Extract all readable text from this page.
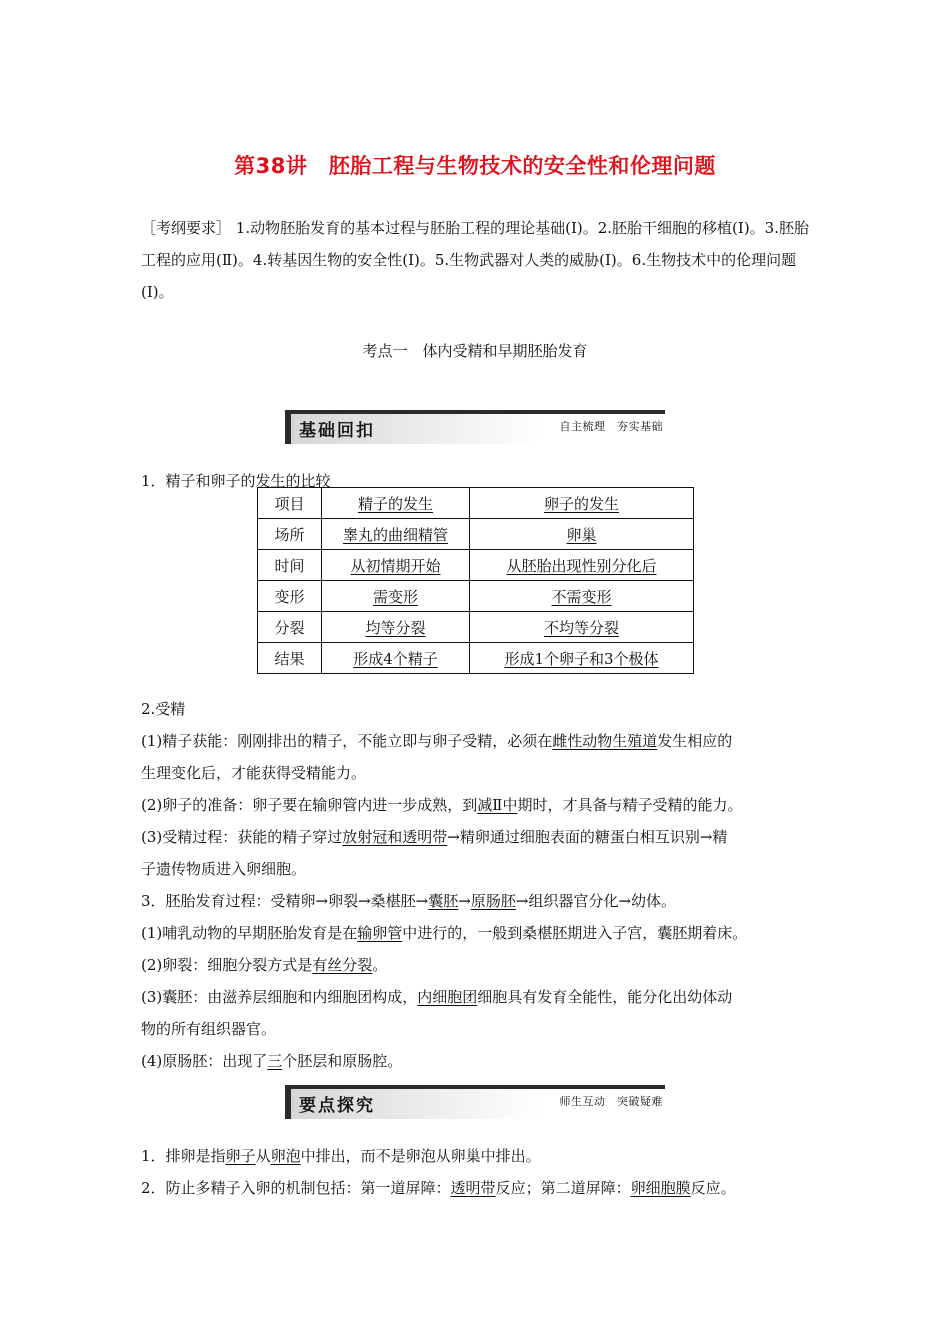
第38讲　胚胎工程与生物技术的安全性和伦理问题
［考纲要求］ 1.动物胚胎发育的基本过程与胚胎工程的理论基础(Ⅰ)。2.胚胎干细胞的移植(Ⅰ)。3.胚胎工程的应用(Ⅱ)。4.转基因生物的安全性(Ⅰ)。5.生物武器对人类的威胁(Ⅰ)。6.生物技术中的伦理问题(Ⅰ)。
考点一　体内受精和早期胚胎发育
基础回扣	自主梳理　夯实基础
1．精子和卵子的发生的比较
项目	精子的发生	卵子的发生
场所	睾丸的曲细精管	卵巢
时间	从初情期开始	从胚胎出现性别分化后
变形	需变形	不需变形
分裂	均等分裂	不均等分裂
结果	形成4个精子	形成1个卵子和3个极体
2.受精
(1)精子获能：刚刚排出的精子，不能立即与卵子受精，必须在雌性动物生殖道发生相应的
生理变化后，才能获得受精能力。
(2)卵子的准备：卵子要在输卵管内进一步成熟，到减Ⅱ中期时，才具备与精子受精的能力。
(3)受精过程：获能的精子穿过放射冠和透明带→精卵通过细胞表面的糖蛋白相互识别→精
子遗传物质进入卵细胞。
3．胚胎发育过程：受精卵→卵裂→桑椹胚→囊胚→原肠胚→组织器官分化→幼体。
(1)哺乳动物的早期胚胎发育是在输卵管中进行的，一般到桑椹胚期进入子宫，囊胚期着床。
(2)卵裂：细胞分裂方式是有丝分裂。
(3)囊胚：由滋养层细胞和内细胞团构成，内细胞团细胞具有发育全能性，能分化出幼体动
物的所有组织器官。
(4)原肠胚：出现了三个胚层和原肠腔。
要点探究	师生互动　突破疑难
1．排卵是指卵子从卵泡中排出，而不是卵泡从卵巢中排出。
2．防止多精子入卵的机制包括：第一道屏障：透明带反应；第二道屏障：卵细胞膜反应。
